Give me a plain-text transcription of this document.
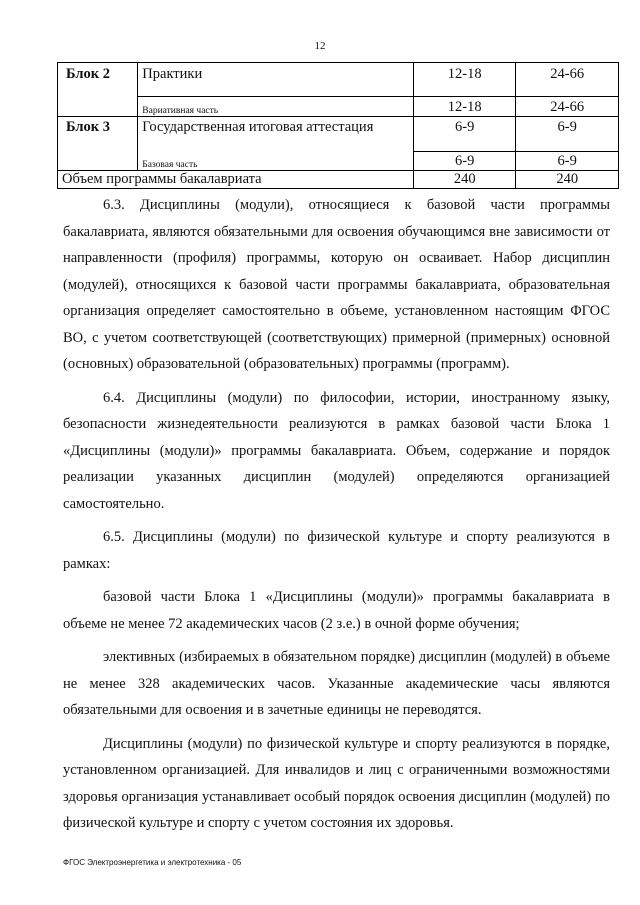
12
Блок 2	Практики	12-18	24-66
	Вариативная часть	12-18	24-66
Блок 3	Государственная итоговая аттестация	6-9	6-9
	Базовая часть	6-9	6-9
Объем программы бакалавриата		240	240

6.3. Дисциплины (модули), относящиеся к базовой части программы бакалавриата, являются обязательными для освоения обучающимся вне зависимости от направленности (профиля) программы, которую он осваивает. Набор дисциплин (модулей), относящихся к базовой части программы бакалавриата, образовательная организация определяет самостоятельно в объеме, установленном настоящим ФГОС ВО, с учетом соответствующей (соответствующих) примерной (примерных) основной (основных) образовательной (образовательных) программы (программ).

6.4. Дисциплины (модули) по философии, истории, иностранному языку, безопасности жизнедеятельности реализуются в рамках базовой части Блока 1 «Дисциплины (модули)» программы бакалавриата. Объем, содержание и порядок реализации указанных дисциплин (модулей) определяются организацией самостоятельно.

6.5. Дисциплины (модули) по физической культуре и спорту реализуются в рамках:

базовой части Блока 1 «Дисциплины (модули)» программы бакалавриата в объеме не менее 72 академических часов (2 з.е.) в очной форме обучения;

элективных (избираемых в обязательном порядке) дисциплин (модулей) в объеме не менее 328 академических часов. Указанные академические часы являются обязательными для освоения и в зачетные единицы не переводятся.

Дисциплины (модули) по физической культуре и спорту реализуются в порядке, установленном организацией. Для инвалидов и лиц с ограниченными возможностями здоровья организация устанавливает особый порядок освоения дисциплин (модулей) по физической культуре и спорту с учетом состояния их здоровья.

ФГОС Электроэнергетика и электротехника - 05
